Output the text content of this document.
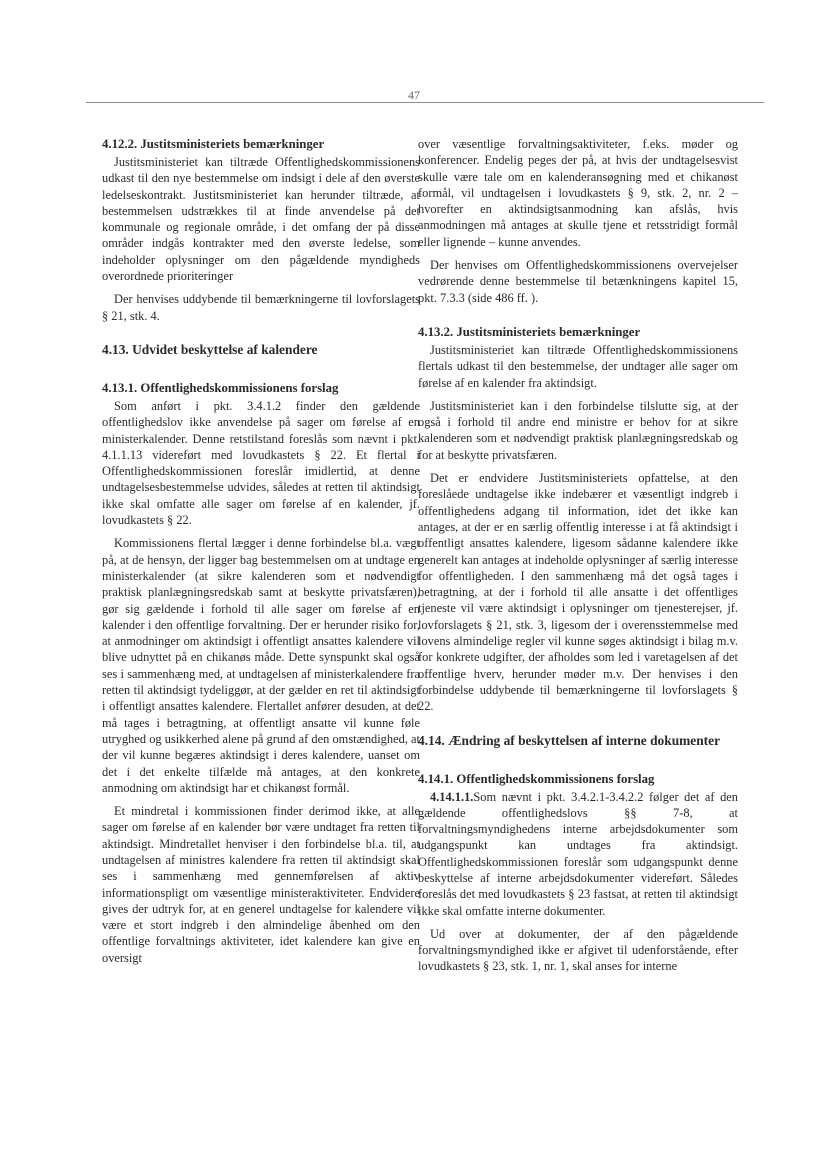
47
4.12.2. Justitsministeriets bemærkninger

Justitsministeriet kan tiltræde Offentlighedskommissionens udkast til den nye bestemmelse om indsigt i dele af den øverste ledelseskontrakt. Justitsministeriet kan herunder tiltræde, at bestemmelsen udstrækkes til at finde anvendelse på det kommunale og regionale område, i det omfang der på disse områder indgås kontrakter med den øverste ledelse, som indeholder oplysninger om den pågældende myndigheds overordnede prioriteringer

Der henvises uddybende til bemærkningerne til lovforslagets § 21, stk. 4.

4.13. Udvidet beskyttelse af kalendere
4.13.1. Offentlighedskommissionens forslag

Som anført i pkt. 3.4.1.2 finder den gældende offentlighedslov ikke anvendelse på sager om førelse af en ministerkalender. Denne retstilstand foreslås som nævnt i pkt. 4.1.1.13 videreført med lovudkastets § 22. Et flertal i Offentlighedskommissionen foreslår imidlertid, at denne undtagelsesbestemmelse udvides, således at retten til aktindsigt ikke skal omfatte alle sager om førelse af en kalender, jf. lovudkastets § 22.

Kommissionens flertal lægger i denne forbindelse bl.a. vægt på, at de hensyn, der ligger bag bestemmelsen om at undtage en ministerkalender (at sikre kalenderen som et nødvendigt praktisk planlægningsredskab samt at beskytte privatsfæren), gør sig gældende i forhold til alle sager om førelse af en kalender i den offentlige forvaltning. Der er herunder risiko for, at anmodninger om aktindsigt i offentligt ansattes kalendere vil blive udnyttet på en chikanøs måde. Dette synspunkt skal også ses i sammenhæng med, at undtagelsen af ministerkalendere fra retten til aktindsigt tydeliggør, at der gælder en ret til aktindsigt i offentligt ansattes kalendere. Flertallet anfører desuden, at det må tages i betragtning, at offentligt ansatte vil kunne føle utryghed og usikkerhed alene på grund af den omstændighed, at der vil kunne begæres aktindsigt i deres kalendere, uanset om det i det enkelte tilfælde må antages, at den konkrete anmodning om aktindsigt har et chikanøst formål.

Et mindretal i kommissionen finder derimod ikke, at alle sager om førelse af en kalender bør være undtaget fra retten til aktindsigt. Mindretallet henviser i den forbindelse bl.a. til, at undtagelsen af ministres kalendere fra retten til aktindsigt skal ses i sammenhæng med gennemførelsen af aktiv informationspligt om væsentlige ministeraktiviteter. Endvidere gives der udtryk for, at en generel undtagelse for kalendere vil være et stort indgreb i den almindelige åbenhed om den offentlige forvaltnings aktiviteter, idet kalendere kan give en oversigt

over væsentlige forvaltningsaktiviteter, f.eks. møder og konferencer. Endelig peges der på, at hvis der undtagelsesvist skulle være tale om en kalenderansøgning med et chikanøst formål, vil undtagelsen i lovudkastets § 9, stk. 2, nr. 2 – hvorefter en aktindsigtsanmodning kan afslås, hvis anmodningen må antages at skulle tjene et retsstridigt formål eller lignende – kunne anvendes.

Der henvises om Offentlighedskommissionens overvejelser vedrørende denne bestemmelse til betænkningens kapitel 15, pkt. 7.3.3 (side 486 ff. ).

4.13.2. Justitsministeriets bemærkninger

Justitsministeriet kan tiltræde Offentlighedskommissionens flertals udkast til den bestemmelse, der undtager alle sager om førelse af en kalender fra aktindsigt.

Justitsministeriet kan i den forbindelse tilslutte sig, at der også i forhold til andre end ministre er behov for at sikre kalenderen som et nødvendigt praktisk planlægningsredskab og for at beskytte privatsfæren.

Det er endvidere Justitsministeriets opfattelse, at den foreslåede undtagelse ikke indebærer et væsentligt indgreb i offentlighedens adgang til information, idet det ikke kan antages, at der er en særlig offentlig interesse i at få aktindsigt i offentligt ansattes kalendere, ligesom sådanne kalendere ikke generelt kan antages at indeholde oplysninger af særlig interesse for offentligheden. I den sammenhæng må det også tages i betragtning, at der i forhold til alle ansatte i det offentliges tjeneste vil være aktindsigt i oplysninger om tjenesterejser, jf. lovforslagets § 21, stk. 3, ligesom der i overensstemmelse med lovens almindelige regler vil kunne søges aktindsigt i bilag m.v. for konkrete udgifter, der afholdes som led i varetagelsen af det offentlige hverv, herunder møder m.v. Der henvises i den forbindelse uddybende til bemærkningerne til lovforslagets § 22.

4.14. Ændring af beskyttelsen af interne dokumenter
4.14.1. Offentlighedskommissionens forslag

4.14.1.1.Som nævnt i pkt. 3.4.2.1-3.4.2.2 følger det af den gældende offentlighedslovs §§ 7-8, at forvaltningsmyndighedens interne arbejdsdokumenter som udgangspunkt kan undtages fra aktindsigt. Offentlighedskommissionen foreslår som udgangspunkt denne beskyttelse af interne arbejdsdokumenter videreført. Således foreslås det med lovudkastets § 23 fastsat, at retten til aktindsigt ikke skal omfatte interne dokumenter.

Ud over at dokumenter, der af den pågældende forvaltningsmyndighed ikke er afgivet til udenforstående, efter lovudkastets § 23, stk. 1, nr. 1, skal anses for interne
